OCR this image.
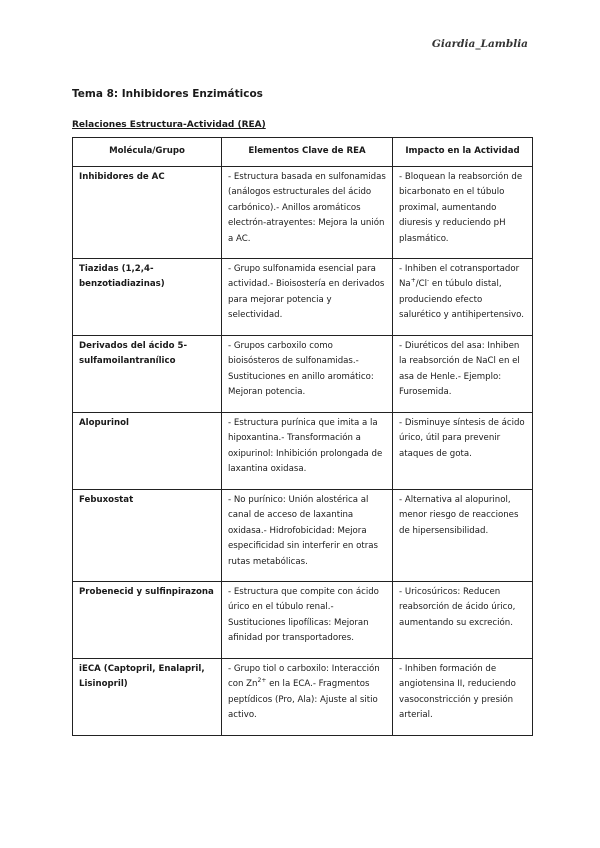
Giardia_Lamblia
Tema 8: Inhibidores Enzimáticos
Relaciones Estructura-Actividad (REA)
Molécula/Grupo	Elementos Clave de REA	Impacto en la Actividad
Inhibidores de AC	- Estructura basada en sulfonamidas (análogos estructurales del ácido carbónico).- Anillos aromáticos electrón-atrayentes: Mejora la unión a AC.	- Bloquean la reabsorción de bicarbonato en el túbulo proximal, aumentando diuresis y reduciendo pH plasmático.
Tiazidas (1,2,4-benzotiadiazinas)	- Grupo sulfonamida esencial para actividad.- Bioisostería en derivados para mejorar potencia y selectividad.	- Inhiben el cotransportador Na+/Cl- en túbulo distal, produciendo efecto salurético y antihipertensivo.
Derivados del ácido 5-sulfamoilantranílico	- Grupos carboxilo como bioisósteros de sulfonamidas.- Sustituciones en anillo aromático: Mejoran potencia.	- Diuréticos del asa: Inhiben la reabsorción de NaCl en el asa de Henle.- Ejemplo: Furosemida.
Alopurinol	- Estructura purínica que imita a la hipoxantina.- Transformación a oxipurinol: Inhibición prolongada de laxantina oxidasa.	- Disminuye síntesis de ácido úrico, útil para prevenir ataques de gota.
Febuxostat	- No purínico: Unión alostérica al canal de acceso de laxantina oxidasa.- Hidrofobicidad: Mejora especificidad sin interferir en otras rutas metabólicas.	- Alternativa al alopurinol, menor riesgo de reacciones de hipersensibilidad.
Probenecid y sulfinpirazona	- Estructura que compite con ácido úrico en el túbulo renal.- Sustituciones lipofílicas: Mejoran afinidad por transportadores.	- Uricosúricos: Reducen reabsorción de ácido úrico, aumentando su excreción.
iECA (Captopril, Enalapril, Lisinopril)	- Grupo tiol o carboxilo: Interacción con $Zn^{2+}$ en la ECA.- Fragmentos peptídicos (Pro, Ala): Ajuste al sitio activo.	- Inhiben formación de angiotensina II, reduciendo vasoconstricción y presión arterial.
